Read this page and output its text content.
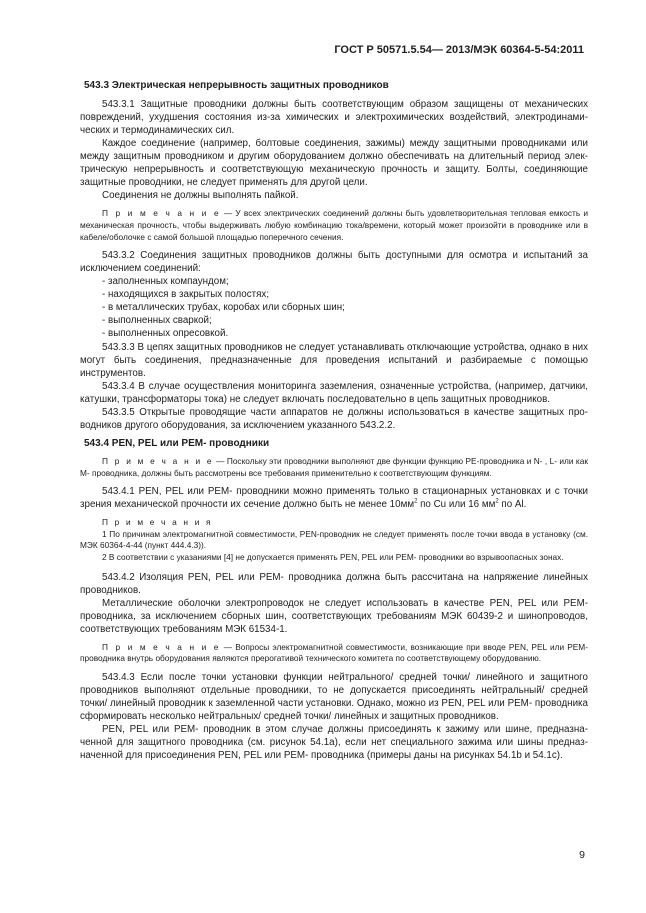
ГОСТ Р 50571.5.54— 2013/МЭК 60364-5-54:2011

543.3 Электрическая непрерывность защитных проводников

543.3.1 Защитные проводники должны быть соответствующим образом защищены от механических повреждений, ухудшения состояния из-за химических и электрохимических воздействий, электродинамических и термодинамических сил.

Каждое соединение (например, болтовые соединения, зажимы) между защитными проводниками или между защитным проводником и другим оборудованием должно обеспечивать на длительный период электрическую непрерывность и соответствующую механическую прочность и защиту. Болты, соединяющие защитные проводники, не следует применять для другой цели.

Соединения не должны выполнять пайкой.

П р и м е ч а н и е — У всех электрических соединений должны быть удовлетворительная тепловая емкость и механическая прочность, чтобы выдерживать любую комбинацию тока/времени, который может произойти в проводнике или в кабеле/оболочке с самой большой площадью поперечного сечения.

543.3.2 Соединения защитных проводников должны быть доступными для осмотра и испытаний за исключением соединений:

- заполненных компаундом;

- находящихся в закрытых полостях;

- в металлических трубах, коробах или сборных шин;

- выполненных сваркой;

- выполненных опресовкой.

543.3.3 В цепях защитных проводников не следует устанавливать отключающие устройства, однако в них могут быть соединения, предназначенные для проведения испытаний и разбираемые с помощью инструментов.

543.3.4 В случае осуществления мониторинга заземления, означенные устройства, (например, датчики, катушки, трансформаторы тока) не следует включать последовательно в цепь защитных проводников.

543.3.5 Открытые проводящие части аппаратов не должны использоваться в качестве защитных проводников другого оборудования, за исключением указанного 543.2.2.

543.4 PEN, PEL или PEM- проводники

П р и м е ч а н и е — Поскольку эти проводники выполняют две функции функцию PE-проводника и N- , L- или как M- проводника, должны быть рассмотрены все требования применительно к соответствующим функциям.

543.4.1 PEN, PEL или PEM- проводники можно применять только в стационарных установках и с точки зрения механической прочности их сечение должно быть не менее $10мм^2$ по Cu или 16 $мм^2$ по Al.

П р и м е ч а н и я

1 По причинам электромагнитной совместимости, PEN-проводник не следует применять после точки ввода в установку (см. МЭК 60364-4-44 (пункт 444.4.3)).

2 В соответствии с указаниями [4] не допускается применять PEN, PEL или PEM- проводники во взрывоопасных зонах.

543.4.2 Изоляция PEN, PEL или PEM- проводника должна быть рассчитана на напряжение линейных проводников.

Металлические оболочки электропроводок не следует использовать в качестве PEN, PEL или PEM- проводника, за исключением сборных шин, соответствующих требованиям МЭК 60439-2 и шинопроводов, соответствующих требованиям МЭК 61534-1.

П р и м е ч а н и е — Вопросы электромагнитной совместимости, возникающие при вводе PEN, PEL или PEM- проводника внутрь оборудования являются прерогативой технического комитета по соответствующему оборудованию.

543.4.3 Если после точки установки функции нейтрального/ средней точки/ линейного и защитного проводников выполняют отдельные проводники, то не допускается присоединять нейтральный/ средней точки/ линейный проводник к заземленной части установки. Однако, можно из PEN, PEL или PEM- проводника сформировать несколько нейтральных/ средней точки/ линейных и защитных проводников.

PEN, PEL или PEM- проводник в этом случае должны присоединять к зажиму или шине, предназначенной для защитного проводника (см. рисунок 54.1a), если нет специального зажима или шины предназначенной для присоединения PEN, PEL или PEM- проводника (примеры даны на рисунках 54.1b и 54.1c).

9
